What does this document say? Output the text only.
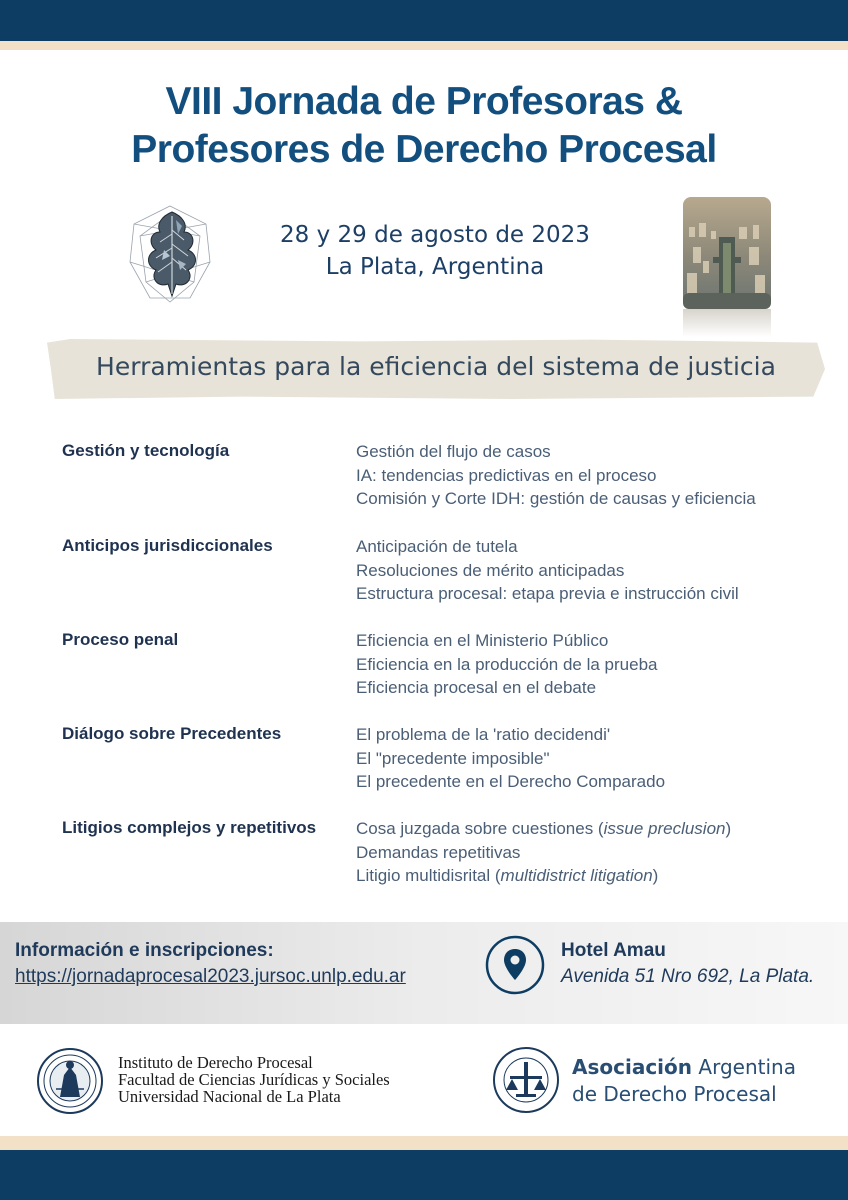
VIII Jornada de Profesoras &
Profesores de Derecho Procesal
28 y 29 de agosto de 2023
La Plata, Argentina
Herramientas para la eficiencia del sistema de justicia
Gestión y tecnología	Gestión del flujo de casos
IA: tendencias predictivas en el proceso
Comisión y Corte IDH: gestión de causas y eficiencia
Anticipos jurisdiccionales	Anticipación de tutela
Resoluciones de mérito anticipadas
Estructura procesal: etapa previa e instrucción civil
Proceso penal	Eficiencia en el Ministerio Público
Eficiencia en la producción de la prueba
Eficiencia procesal en el debate
Diálogo sobre Precedentes	El problema de la 'ratio decidendi'
El "precedente imposible"
El precedente en el Derecho Comparado
Litigios complejos y repetitivos	Cosa juzgada sobre cuestiones (issue preclusion)
Demandas repetitivas
Litigio multidisrital (multidistrict litigation)
Información e inscripciones:
https://jornadaprocesal2023.jursoc.unlp.edu.ar
Hotel Amau
Avenida 51 Nro 692, La Plata.
Instituto de Derecho Procesal
Facultad de Ciencias Jurídicas y Sociales
Universidad Nacional de La Plata
Asociación Argentina
de Derecho Procesal
